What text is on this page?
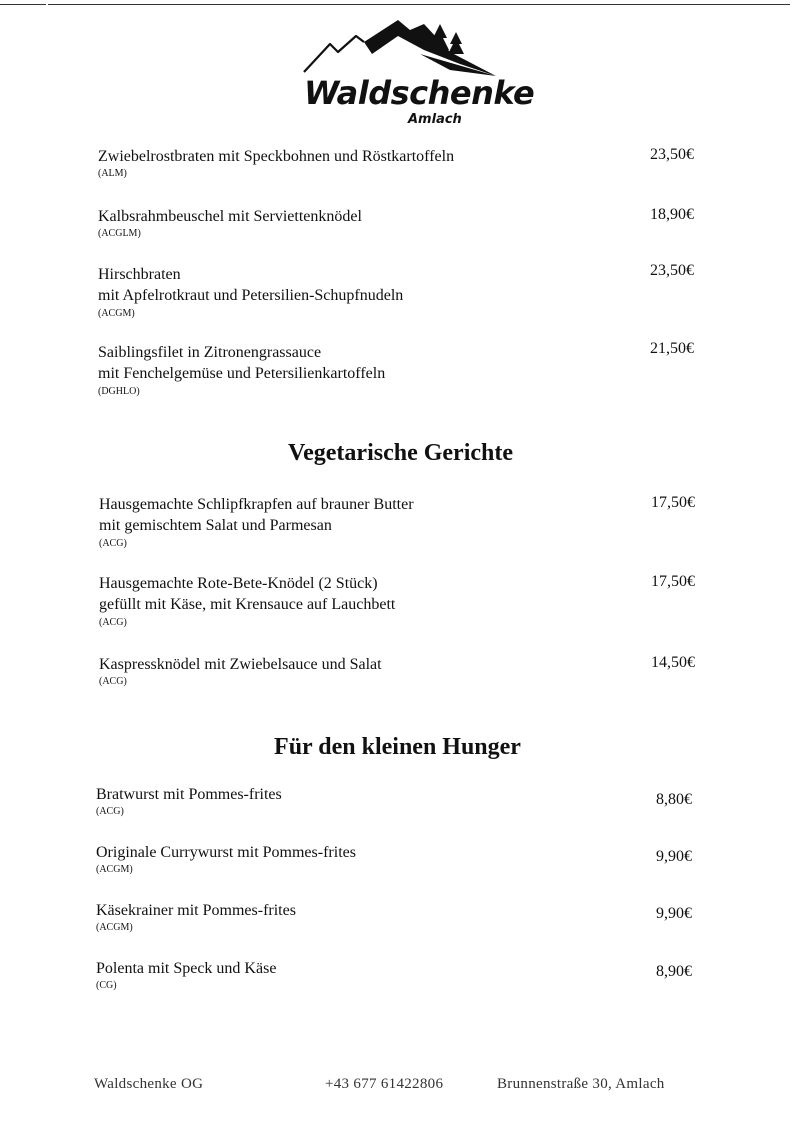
Waldschenke
Amlach
Zwiebelrostbraten mit Speckbohnen und Röstkartoffeln
(ALM)
23,50€
Kalbsrahmbeuschel mit Serviettenknödel
(ACGLM)
18,90€
Hirschbraten
mit Apfelrotkraut und Petersilien-Schupfnudeln
(ACGM)
23,50€
Saiblingsfilet in Zitronengrassauce
mit Fenchelgemüse und Petersilienkartoffeln
(DGHLO)
21,50€
Vegetarische Gerichte
Hausgemachte Schlipfkrapfen auf brauner Butter
mit gemischtem Salat und Parmesan
(ACG)
17,50€
Hausgemachte Rote-Bete-Knödel (2 Stück)
gefüllt mit Käse, mit Krensauce auf Lauchbett
(ACG)
17,50€
Kaspressknödel mit Zwiebelsauce und Salat
(ACG)
14,50€
Für den kleinen Hunger
Bratwurst mit Pommes-frites
(ACG)
8,80€
Originale Currywurst mit Pommes-frites
(ACGM)
9,90€
Käsekrainer mit Pommes-frites
(ACGM)
9,90€
Polenta mit Speck und Käse
(CG)
8,90€
Waldschenke OG	+43 677 61422806	Brunnenstraße 30, Amlach
